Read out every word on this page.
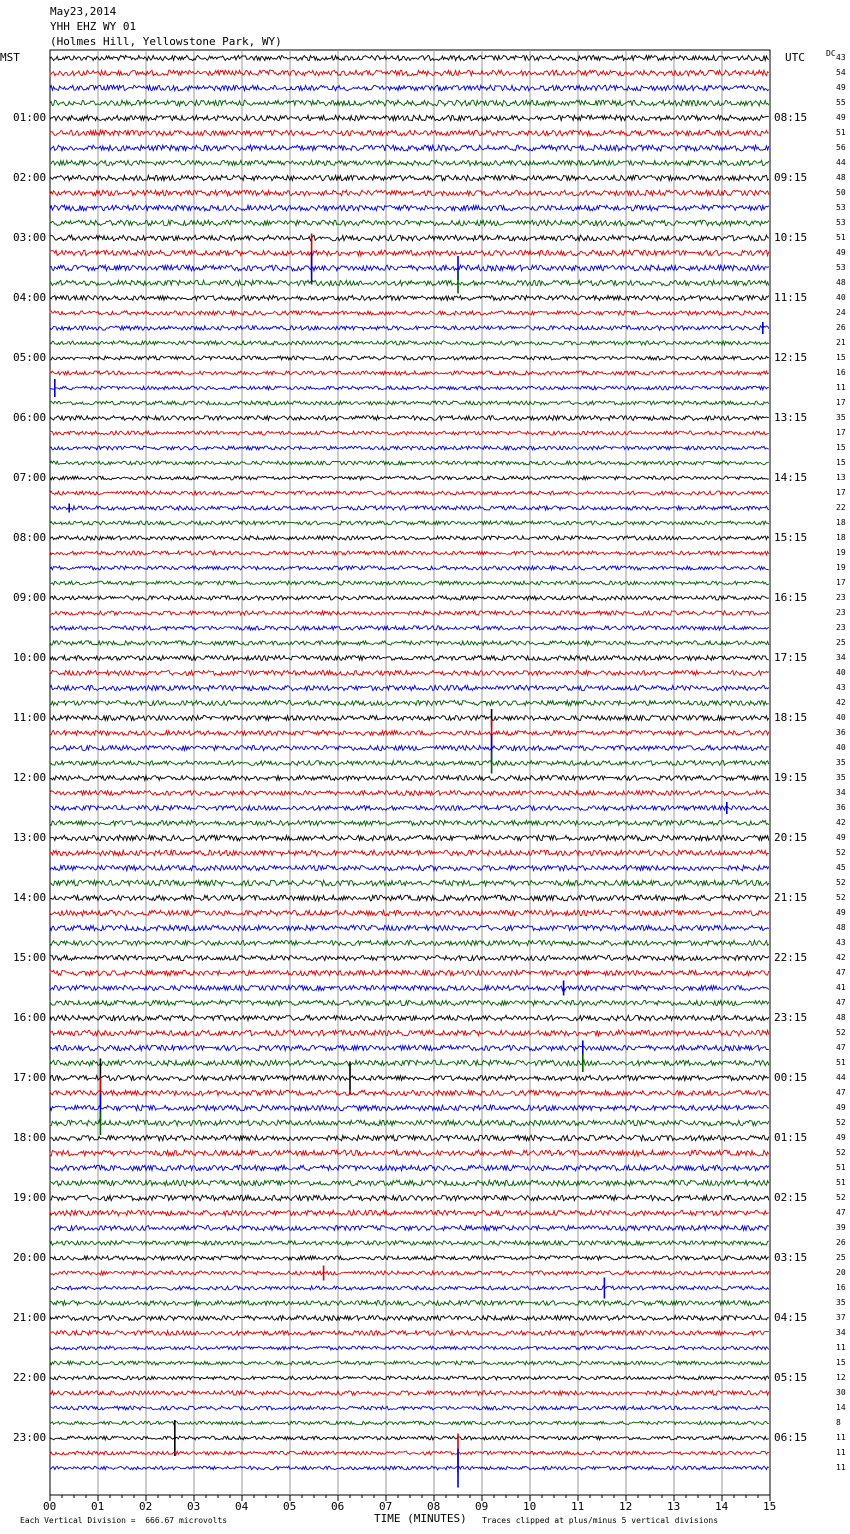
May23,2014
YHH EHZ WY 01
(Holmes Hill, Yellowstone Park, WY)
MST	UTC	DC
01:00
02:00
03:00
04:00
05:00
06:00
07:00
08:00
09:00
10:00
11:00
12:00
13:00
14:00
15:00
16:00
17:00
18:00
19:00
20:00
21:00
22:00
23:00
08:15
09:15
10:15
11:15
12:15
13:15
14:15
15:15
16:15
17:15
18:15
19:15
20:15
21:15
22:15
23:15
00:15
01:15
02:15
03:15
04:15
05:15
06:15
43
54
49
55
49
51
56
44
48
50
53
53
51
49
53
48
40
24
26
21
15
16
11
17
35
17
15
15
13
17
22
18
18
19
19
17
23
23
23
25
34
40
43
42
40
36
40
35
35
34
36
42
49
52
45
52
52
49
48
43
42
47
41
47
48
52
47
51
44
47
49
52
49
52
51
51
52
47
39
26
25
20
16
35
37
34
11
15
12
30
14
8
11
11
11
00	01	02	03	04	05	06	07	08	09	10	11	12	13	14	15
TIME (MINUTES)
Each Vertical Division =  666.67 microvolts	Traces clipped at plus/minus 5 vertical divisions
